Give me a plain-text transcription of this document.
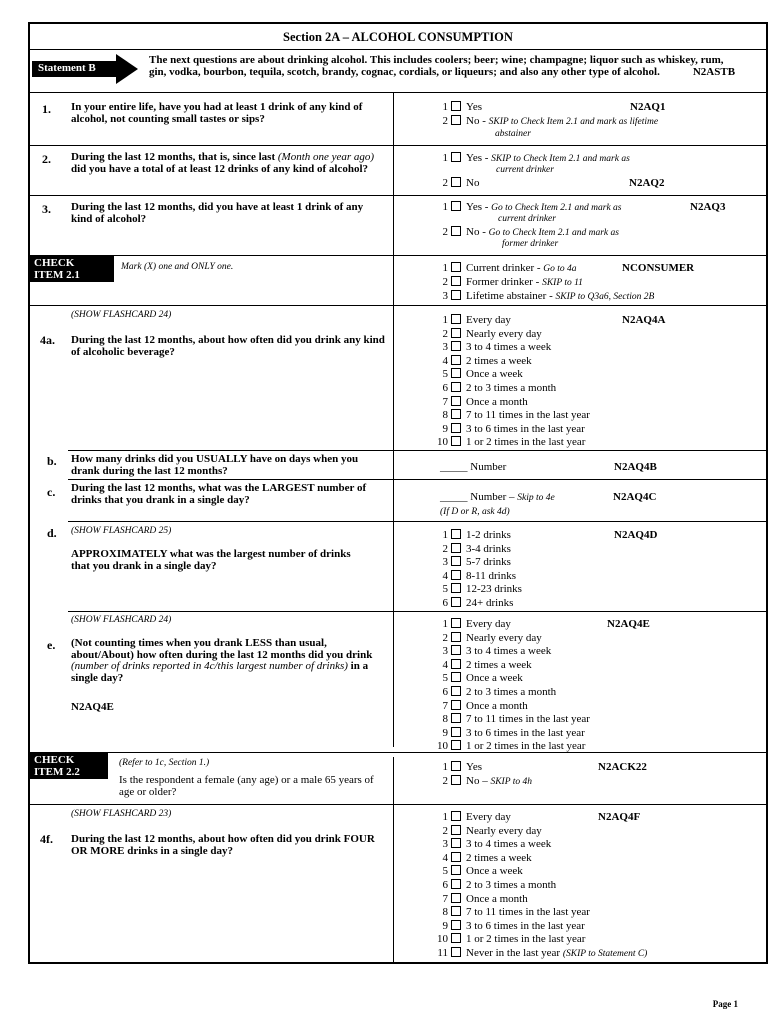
Section 2A – ALCOHOL CONSUMPTION
Statement B
The next questions are about drinking alcohol. This includes coolers; beer; wine; champagne; liquor such as whiskey, rum, gin, vodka, bourbon, tequila, scotch, brandy, cognac, cordials, or liqueurs; and also any other type of alcohol.	N2ASTB
1. In your entire life, have you had at least 1 drink of any kind of alcohol, not counting small tastes or sips?
1 Yes	N2AQ1
2 No - SKIP to Check Item 2.1 and mark as lifetime
abstainer
2. During the last 12 months, that is, since last (Month one year ago) did you have a total of at least 12 drinks of any kind of alcohol?
1 Yes - SKIP to Check Item 2.1 and mark as
current drinker
2 No	N2AQ2
3. During the last 12 months, did you have at least 1 drink of any kind of alcohol?
1 Yes - Go to Check Item 2.1 and mark as	N2AQ3
current drinker
2 No - Go to Check Item 2.1 and mark as
former drinker
CHECK
ITEM 2.1
Mark (X) one and ONLY one.	1 Current drinker - Go to 4a
2 Former drinker - SKIP to 11
3 Lifetime abstainer - SKIP to Q3a6, Section 2B
NCONSUMER
(SHOW FLASHCARD 24)
4a. During the last 12 months, about how often did you drink any kind of alcoholic beverage?
N2AQ4A
1 Every day
2 Nearly every day
3 3 to 4 times a week
4 2 times a week
5 Once a week
6 2 to 3 times a month
7 Once a month
8 7 to 11 times in the last year
9 3 to 6 times in the last year
10 1 or 2 times in the last year
b. How many drinks did you USUALLY have on days when you drank during the last 12 months?	_____ Number	N2AQ4B
c. During the last 12 months, what was the LARGEST number of drinks that you drank in a single day?	_____ Number – Skip to 4e	N2AQ4C
(If D or R, ask 4d)
d. (SHOW FLASHCARD 25)
APPROXIMATELY what was the largest number of drinks that you drank in a single day?
N2AQ4D
1 1-2 drinks
2 3-4 drinks
3 5-7 drinks
4 8-11 drinks
5 12-23 drinks
6 24+ drinks
(SHOW FLASHCARD 24)
e. (Not counting times when you drank LESS than usual, about/About) how often during the last 12 months did you drink (number of drinks reported in 4c/this largest number of drinks) in a single day?
N2AQ4E
N2AQ4E
1 Every day
2 Nearly every day
3 3 to 4 times a week
4 2 times a week
5 Once a week
6 2 to 3 times a month
7 Once a month
8 7 to 11 times in the last year
9 3 to 6 times in the last year
10 1 or 2 times in the last year
CHECK
ITEM 2.2
(Refer to 1c, Section 1.)
Is the respondent a female (any age) or a male 65 years of age or older?
1 Yes	N2ACK22
2 No – SKIP to 4h
(SHOW FLASHCARD 23)
4f. During the last 12 months, about how often did you drink FOUR OR MORE drinks in a single day?
N2AQ4F
1 Every day
2 Nearly every day
3 3 to 4 times a week
4 2 times a week
5 Once a week
6 2 to 3 times a month
7 Once a month
8 7 to 11 times in the last year
9 3 to 6 times in the last year
10 1 or 2 times in the last year
11 Never in the last year (SKIP to Statement C)
Page 1
